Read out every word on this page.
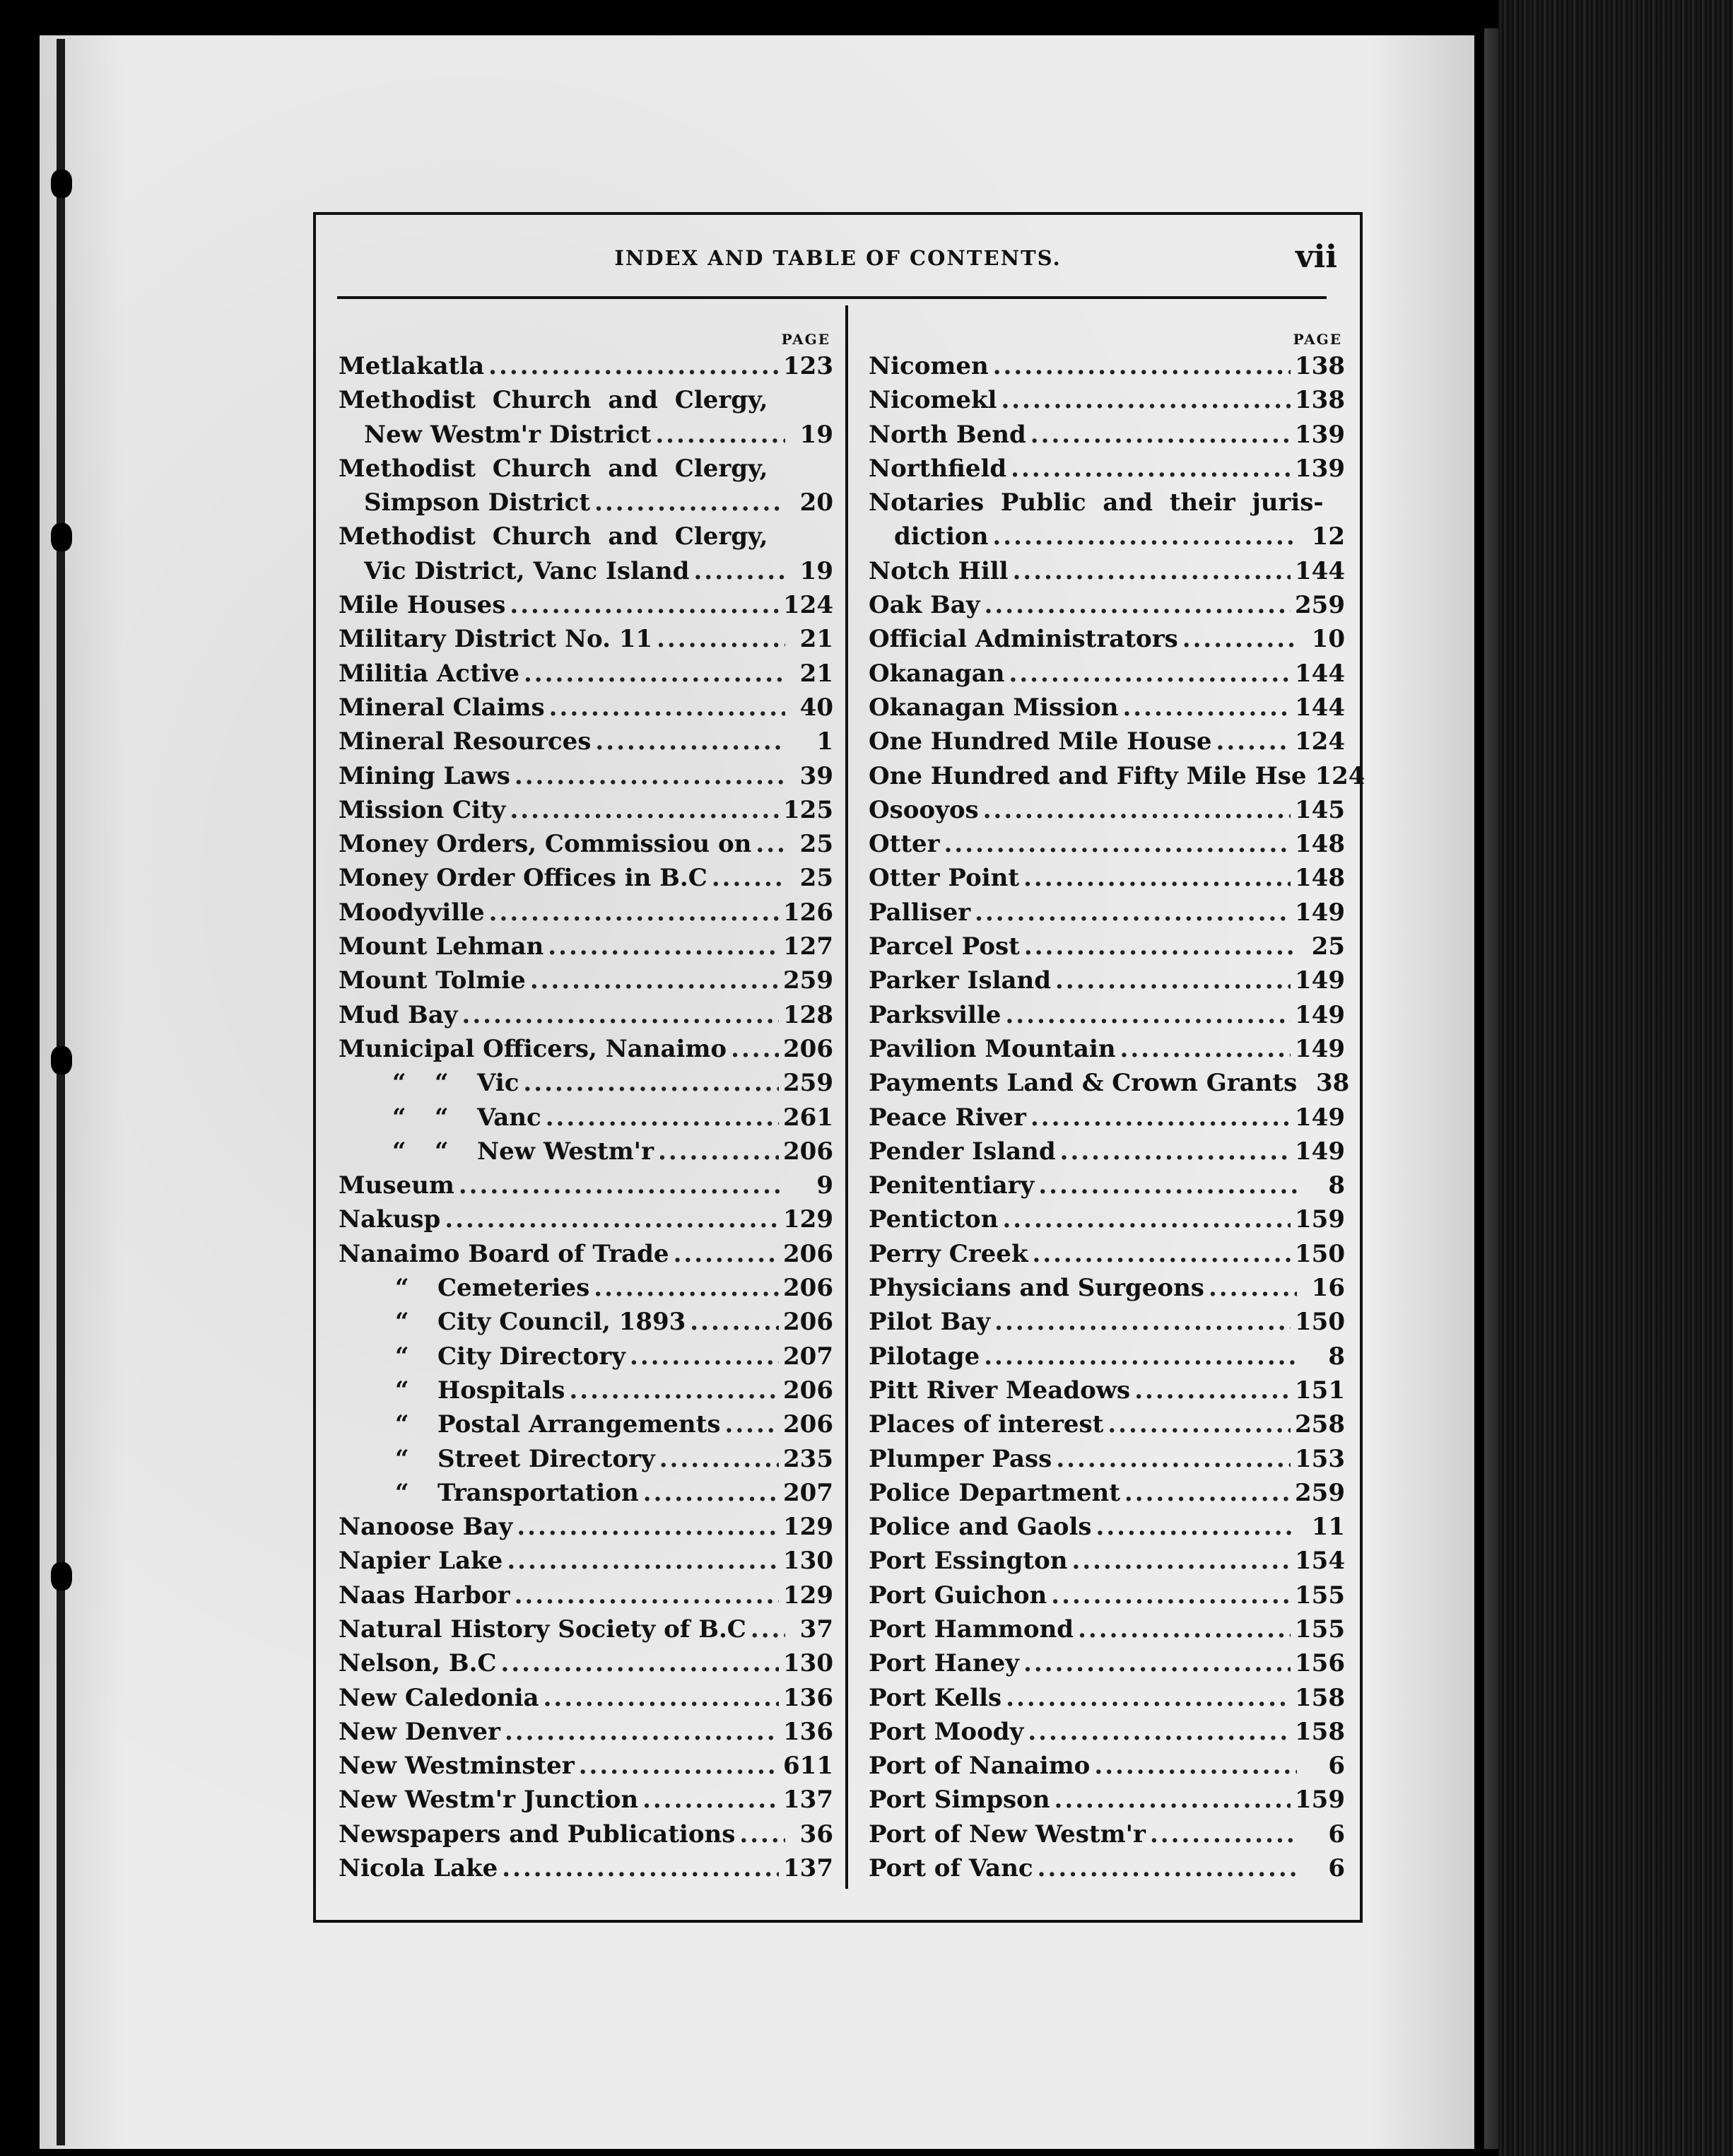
INDEX AND TABLE OF CONTENTS.	vii
PAGE
Metlakatla .....	123
Methodist Church and Clergy,
New Westm'r District .....	19
Methodist Church and Clergy,
Simpson District .....	20
Methodist Church and Clergy,
Vic District, Vanc Island .....	19
Mile Houses .....	124
Military District No. 11 .....	21
Militia Active .....	21
Mineral Claims .....	40
Mineral Resources .....	1
Mining Laws .....	39
Mission City .....	125
Money Orders, Commissiou on .....	25
Money Order Offices in B.C .....	25
Moodyville .....	126
Mount Lehman .....	127
Mount Tolmie .....	259
Mud Bay .....	128
Municipal Officers, Nanaimo ..... 206
“ “ Vic .....	259
“ “ Vanc .....	261
“ “ New Westm'r .....	206
Museum .....	9
Nakusp .....	129
Nanaimo Board of Trade .....	206
“ Cemeteries .....	206
“ City Council, 1893 .....	206
“ City Directory .....	207
“ Hospitals .....	206
“ Postal Arrangements .....	206
“ Street Directory .....	235
“ Transportation .....	207
Nanoose Bay .....	129
Napier Lake .....	130
Naas Harbor .....	129
Natural History Society of B.C .....	37
Nelson, B.C .....	130
New Caledonia .....	136
New Denver .....	136
New Westminster .....	611
New Westm'r Junction .....	137
Newspapers and Publications .....	36
Nicola Lake .....	137
PAGE
Nicomen .....	138
Nicomekl .....	138
North Bend .....	139
Northfield .....	139
Notaries Public and their juris-
diction .....	12
Notch Hill .....	144
Oak Bay .....	259
Official Administrators .....	10
Okanagan .....	144
Okanagan Mission .....	144
One Hundred Mile House .....	124
One Hundred and Fifty Mile Hse 124
Osooyos .....	145
Otter .....	148
Otter Point .....	148
Palliser .....	149
Parcel Post .....	25
Parker Island .....	149
Parksville .....	149
Pavilion Mountain .....	149
Payments Land & Crown Grants 38
Peace River .....	149
Pender Island .....	149
Penitentiary .....	8
Penticton .....	159
Perry Creek .....	150
Physicians and Surgeons .....	16
Pilot Bay .....	150
Pilotage .....	8
Pitt River Meadows .....	151
Places of interest .....	258
Plumper Pass .....	153
Police Department .....	259
Police and Gaols .....	11
Port Essington .....	154
Port Guichon .....	155
Port Hammond .....	155
Port Haney .....	156
Port Kells .....	158
Port Moody .....	158
Port of Nanaimo .....	6
Port Simpson .....	159
Port of New Westm'r .....	6
Port of Vanc .....	6
